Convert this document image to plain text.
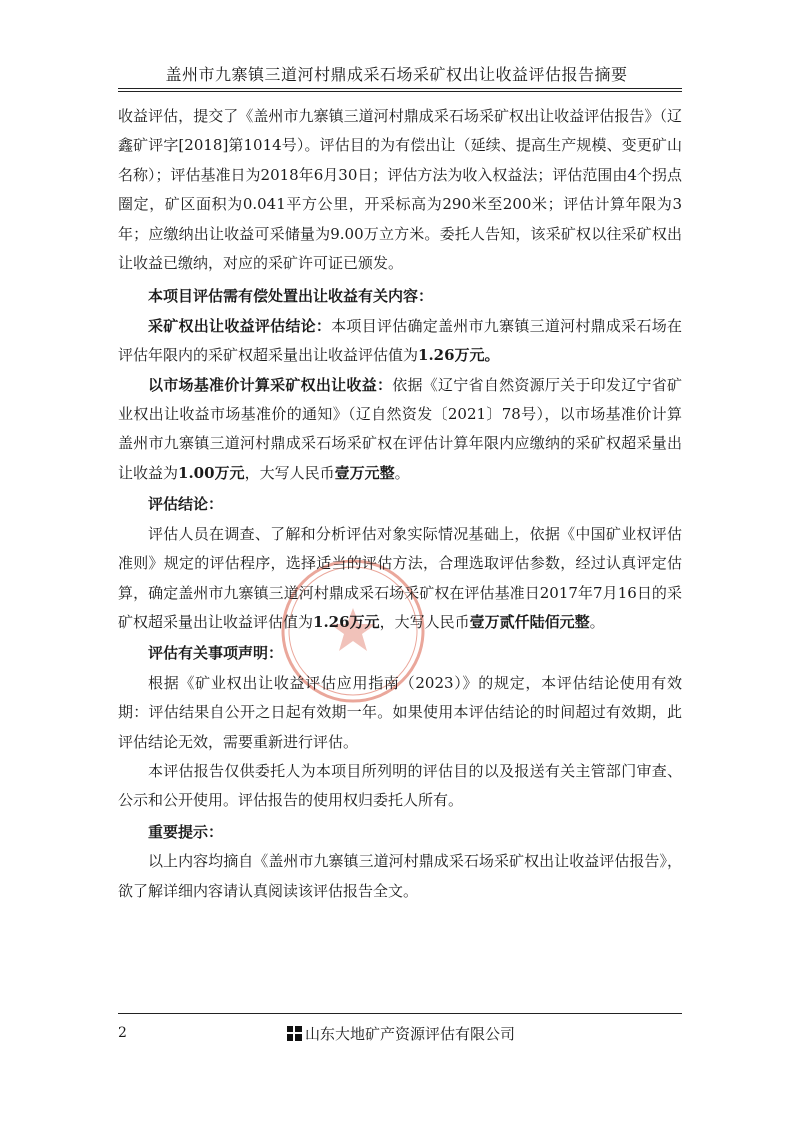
盖州市九寨镇三道河村鼎成采石场采矿权出让收益评估报告摘要

收益评估，提交了《盖州市九寨镇三道河村鼎成采石场采矿权出让收益评估报告》（辽鑫矿评字[2018]第1014号）。评估目的为有偿出让（延续、提高生产规模、变更矿山名称）；评估基准日为2018年6月30日；评估方法为收入权益法；评估范围由4个拐点圈定，矿区面积为0.041平方公里，开采标高为290米至200米；评估计算年限为3年；应缴纳出让收益可采储量为9.00万立方米。委托人告知，该采矿权以往采矿权出让收益已缴纳，对应的采矿许可证已颁发。

本项目评估需有偿处置出让收益有关内容：

采矿权出让收益评估结论：本项目评估确定盖州市九寨镇三道河村鼎成采石场在评估年限内的采矿权超采量出让收益评估值为1.26万元。

以市场基准价计算采矿权出让收益：依据《辽宁省自然资源厅关于印发辽宁省矿业权出让收益市场基准价的通知》（辽自然资发〔2021〕78号），以市场基准价计算盖州市九寨镇三道河村鼎成采石场采矿权在评估计算年限内应缴纳的采矿权超采量出让收益为1.00万元，大写人民币壹万元整。

评估结论：

评估人员在调查、了解和分析评估对象实际情况基础上，依据《中国矿业权评估准则》规定的评估程序，选择适当的评估方法，合理选取评估参数，经过认真评定估算，确定盖州市九寨镇三道河村鼎成采石场采矿权在评估基准日2017年7月16日的采矿权超采量出让收益评估值为1.26万元，大写人民币壹万贰仟陆佰元整。

评估有关事项声明：

根据《矿业权出让收益评估应用指南（2023）》的规定，本评估结论使用有效期：评估结果自公开之日起有效期一年。如果使用本评估结论的时间超过有效期，此评估结论无效，需要重新进行评估。

本评估报告仅供委托人为本项目所列明的评估目的以及报送有关主管部门审查、公示和公开使用。评估报告的使用权归委托人所有。

重要提示：

以上内容均摘自《盖州市九寨镇三道河村鼎成采石场采矿权出让收益评估报告》，欲了解详细内容请认真阅读该评估报告全文。

2	山东大地矿产资源评估有限公司
